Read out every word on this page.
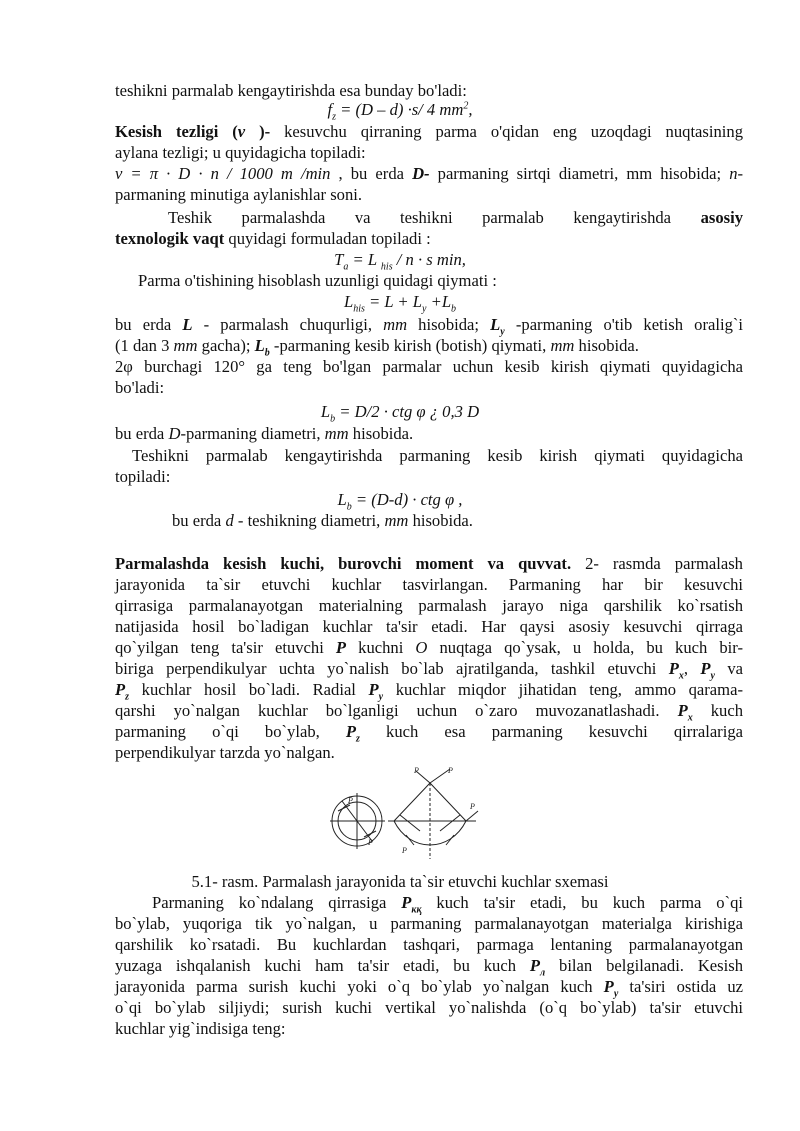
teshikni parmalab kengaytirishda esa bunday bo'ladi:
$f_z = (D - d) \cdot s/$ 4 $mm^2$,
Kesish tezligi (v )- kesuvchu qirraning parma o'qidan eng uzoqdagi nuqtasining
aylana tezligi; u quyidagicha topiladi:
v = π · D · n / 1000 m /min , bu erda D- parmaning sirtqi diametri, mm hisobida; n-
parmaning minutiga aylanishlar soni.
Teshik parmalashda va teshikni parmalab kengaytirishda asosiy
texnologik vaqt quyidagi formuladan topiladi :
$T_a = L$ $_{his}$ / n · s min,
Parma o'tishining hisoblash uzunligi quidagi qiymati :
$L_{his} = L + L_y +L_b$
bu erda L - parmalash chuqurligi, mm hisobida; $L_y$ -parmaning o'tib ketish oralig`i
(1 dan 3 mm gacha); $L_b$ -parmaning kesib kirish (botish) qiymati, mm hisobida.
2φ burchagi 120° ga teng bo'lgan parmalar uchun kesib kirish qiymati quyidagicha
bo'ladi:
$L_b = D/2$ · ctg φ ¿ 0,3 D
bu erda D-parmaning diametri, mm hisobida.
Teshikni parmalab kengaytirishda parmaning kesib kirish qiymati quyidagicha
topiladi:
$L_b = (D-d)$ · ctg φ ,
bu erda d - teshikning diametri, mm hisobida.
Parmalashda kesish kuchi, burovchi moment va quvvat. 2- rasmda parmalash
jarayonida ta`sir etuvchi kuchlar tasvirlangan. Parmaning har bir kesuvchi
qirrasiga parmalanayotgan materialning parmalash jarayo niga qarshilik ko`rsatish
natijasida hosil bo`ladigan kuchlar ta'sir etadi. Har qaysi asosiy kesuvchi qirraga
qo`yilgan teng ta'sir etuvchi P kuchni O nuqtaga qo`ysak, u holda, bu kuch bir-
biriga perpendikulyar uchta yo`nalish bo`lab ajratilganda, tashkil etuvchi $P_x$, $P_y$ va
$P_z$ kuchlar hosil bo`ladi. Radial $P_y$ kuchlar miqdor jihatidan teng, ammo qarama-
qarshi yo`nalgan kuchlar bo`lganligi uchun o`zaro muvozanatlashadi. $P_x$ kuch
parmaning o`qi bo`ylab, $P_z$ kuch esa parmaning kesuvchi qirralariga
perpendikulyar tarzda yo`nalgan.
P
P
P	P
P
P
5.1- rasm. Parmalash jarayonida ta`sir etuvchi kuchlar sxemasi
Parmaning ko`ndalang qirrasiga $P_{кқ}$ kuch ta'sir etadi, bu kuch parma o`qi
bo`ylab, yuqoriga tik yo`nalgan, u parmaning parmalanayotgan materialga kirishiga
qarshilik ko`rsatadi. Bu kuchlardan tashqari, parmaga lentaning parmalanayotgan
yuzaga ishqalanish kuchi ham ta'sir etadi, bu kuch $P_л$ bilan belgilanadi. Kesish
jarayonida parma surish kuchi yoki o`q bo`ylab yo`nalgan kuch $P_y$ ta'siri ostida uz
o`qi bo`ylab siljiydi; surish kuchi vertikal yo`nalishda (o`q bo`ylab) ta'sir etuvchi
kuchlar yig`indisiga teng:
